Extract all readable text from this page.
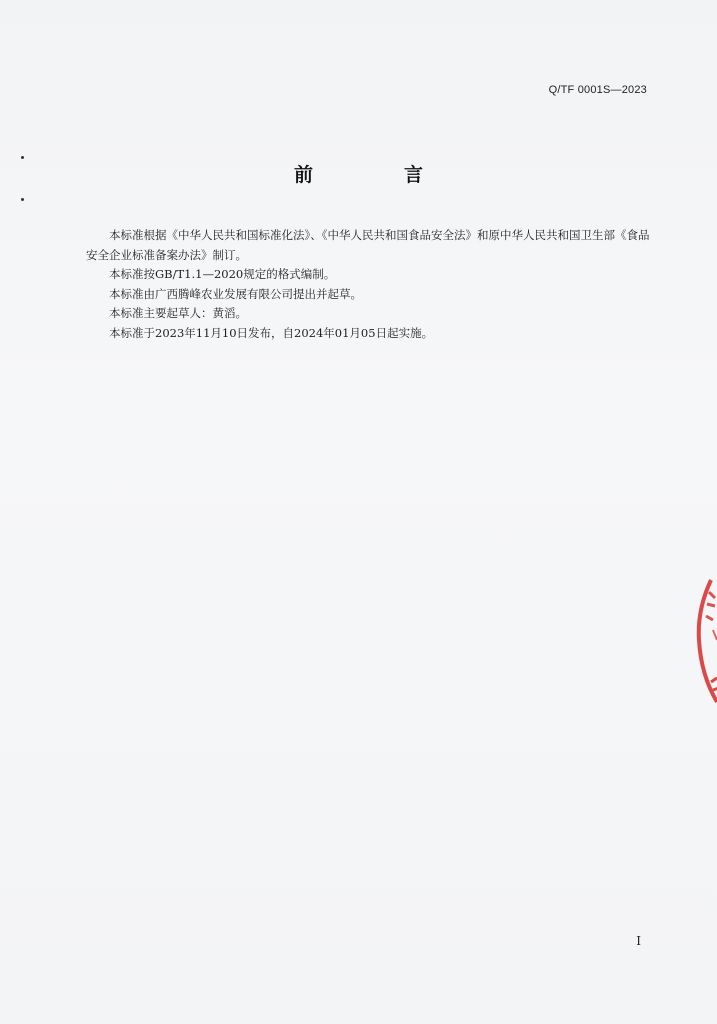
Q/TF 0001S—2023
前　言

本标准根据《中华人民共和国标准化法》、《中华人民共和国食品安全法》和原中华人民共和国卫生部《食品安全企业标准备案办法》制订。

本标准按GB/T1.1—2020规定的格式编制。

本标准由广西腾峰农业发展有限公司提出并起草。

本标准主要起草人：黄滔。

本标准于2023年11月10日发布，自2024年01月05日起实施。

I
